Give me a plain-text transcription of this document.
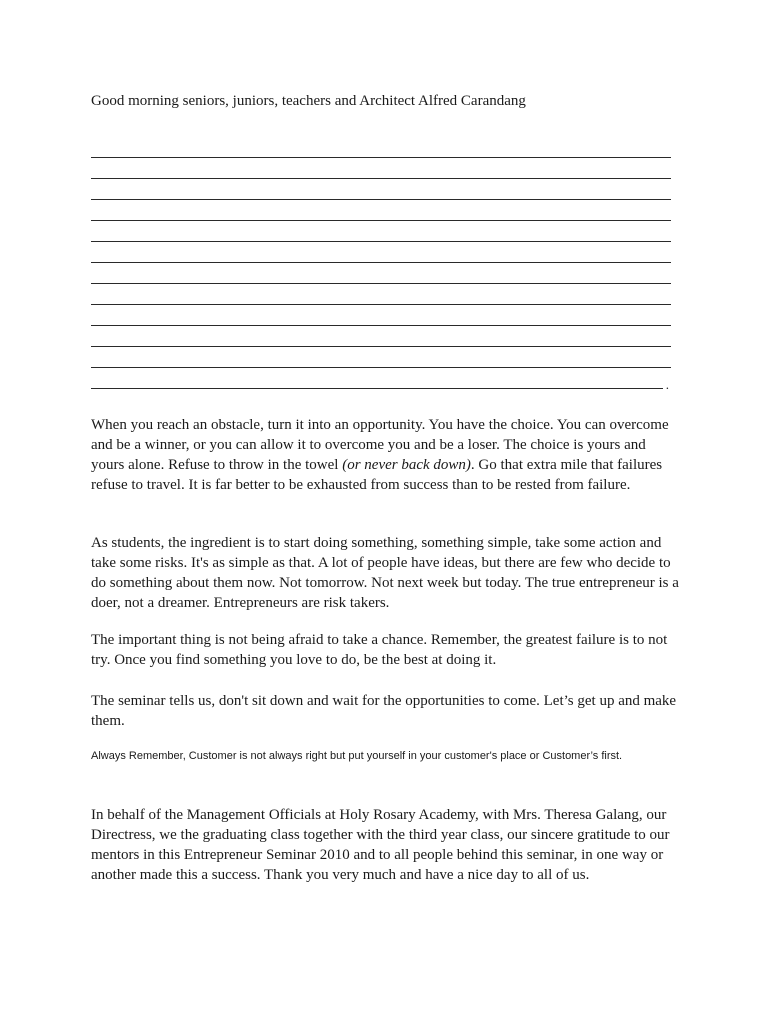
Good morning seniors, juniors, teachers and Architect Alfred Carandang
.

When you reach an obstacle, turn it into an opportunity. You have the choice. You can overcome and be a winner, or you can allow it to overcome you and be a loser. The choice is yours and yours alone. Refuse to throw in the towel (or never back down). Go that extra mile that failures refuse to travel. It is far better to be exhausted from success than to be rested from failure.

As students, the ingredient is to start doing something, something simple, take some action and take some risks. It's as simple as that. A lot of people have ideas, but there are few who decide to do something about them now. Not tomorrow. Not next week but today. The true entrepreneur is a doer, not a dreamer. Entrepreneurs are risk takers.

The important thing is not being afraid to take a chance. Remember, the greatest failure is to not try. Once you find something you love to do, be the best at doing it.

The seminar tells us, don't sit down and wait for the opportunities to come. Let’s get up and make them.

Always Remember, Customer is not always right but put yourself in your customer's place or Customer’s first.

In behalf of the Management Officials at Holy Rosary Academy, with Mrs. Theresa Galang, our Directress, we the graduating class together with the third year class, our sincere gratitude to our mentors in this Entrepreneur Seminar 2010 and to all people behind this seminar, in one way or another made this a success. Thank you very much and have a nice day to all of us.
